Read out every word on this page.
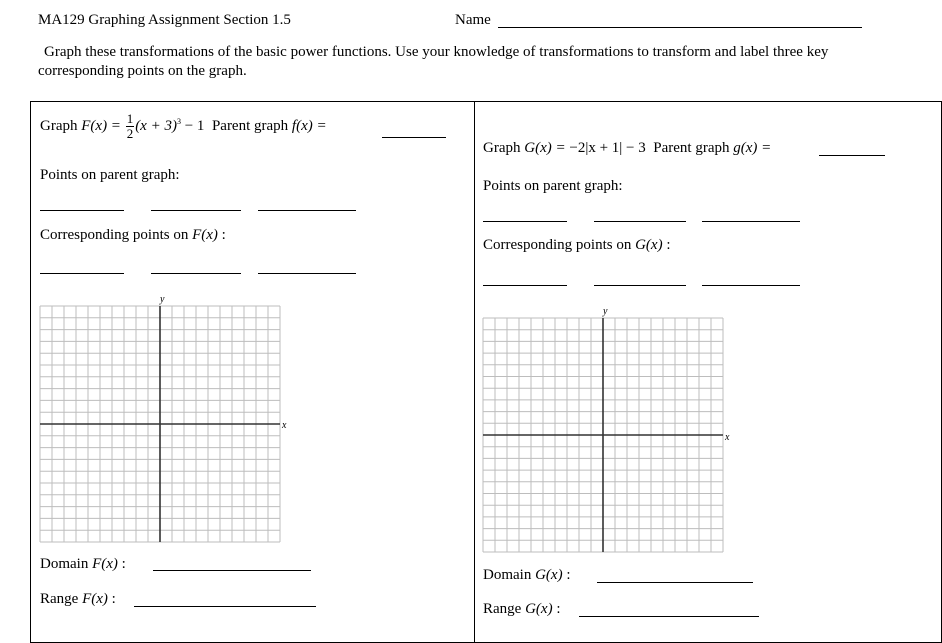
MA129 Graphing Assignment Section 1.5	Name
Graph these transformations of the basic power functions. Use your knowledge of transformations to transform and label three key
corresponding points on the graph.
Graph $F(x) = \frac{1}{2} (x + 3)^3 - 1$ Parent graph f(x) =
Points on parent graph:
Corresponding points on F(x) :
y
x
Domain F(x) :
Range F(x) :
Graph G(x) = −2|x + 1| − 3 Parent graph g(x) =
Points on parent graph:
Corresponding points on G(x) :
y
x
Domain G(x) :
Range G(x) :
